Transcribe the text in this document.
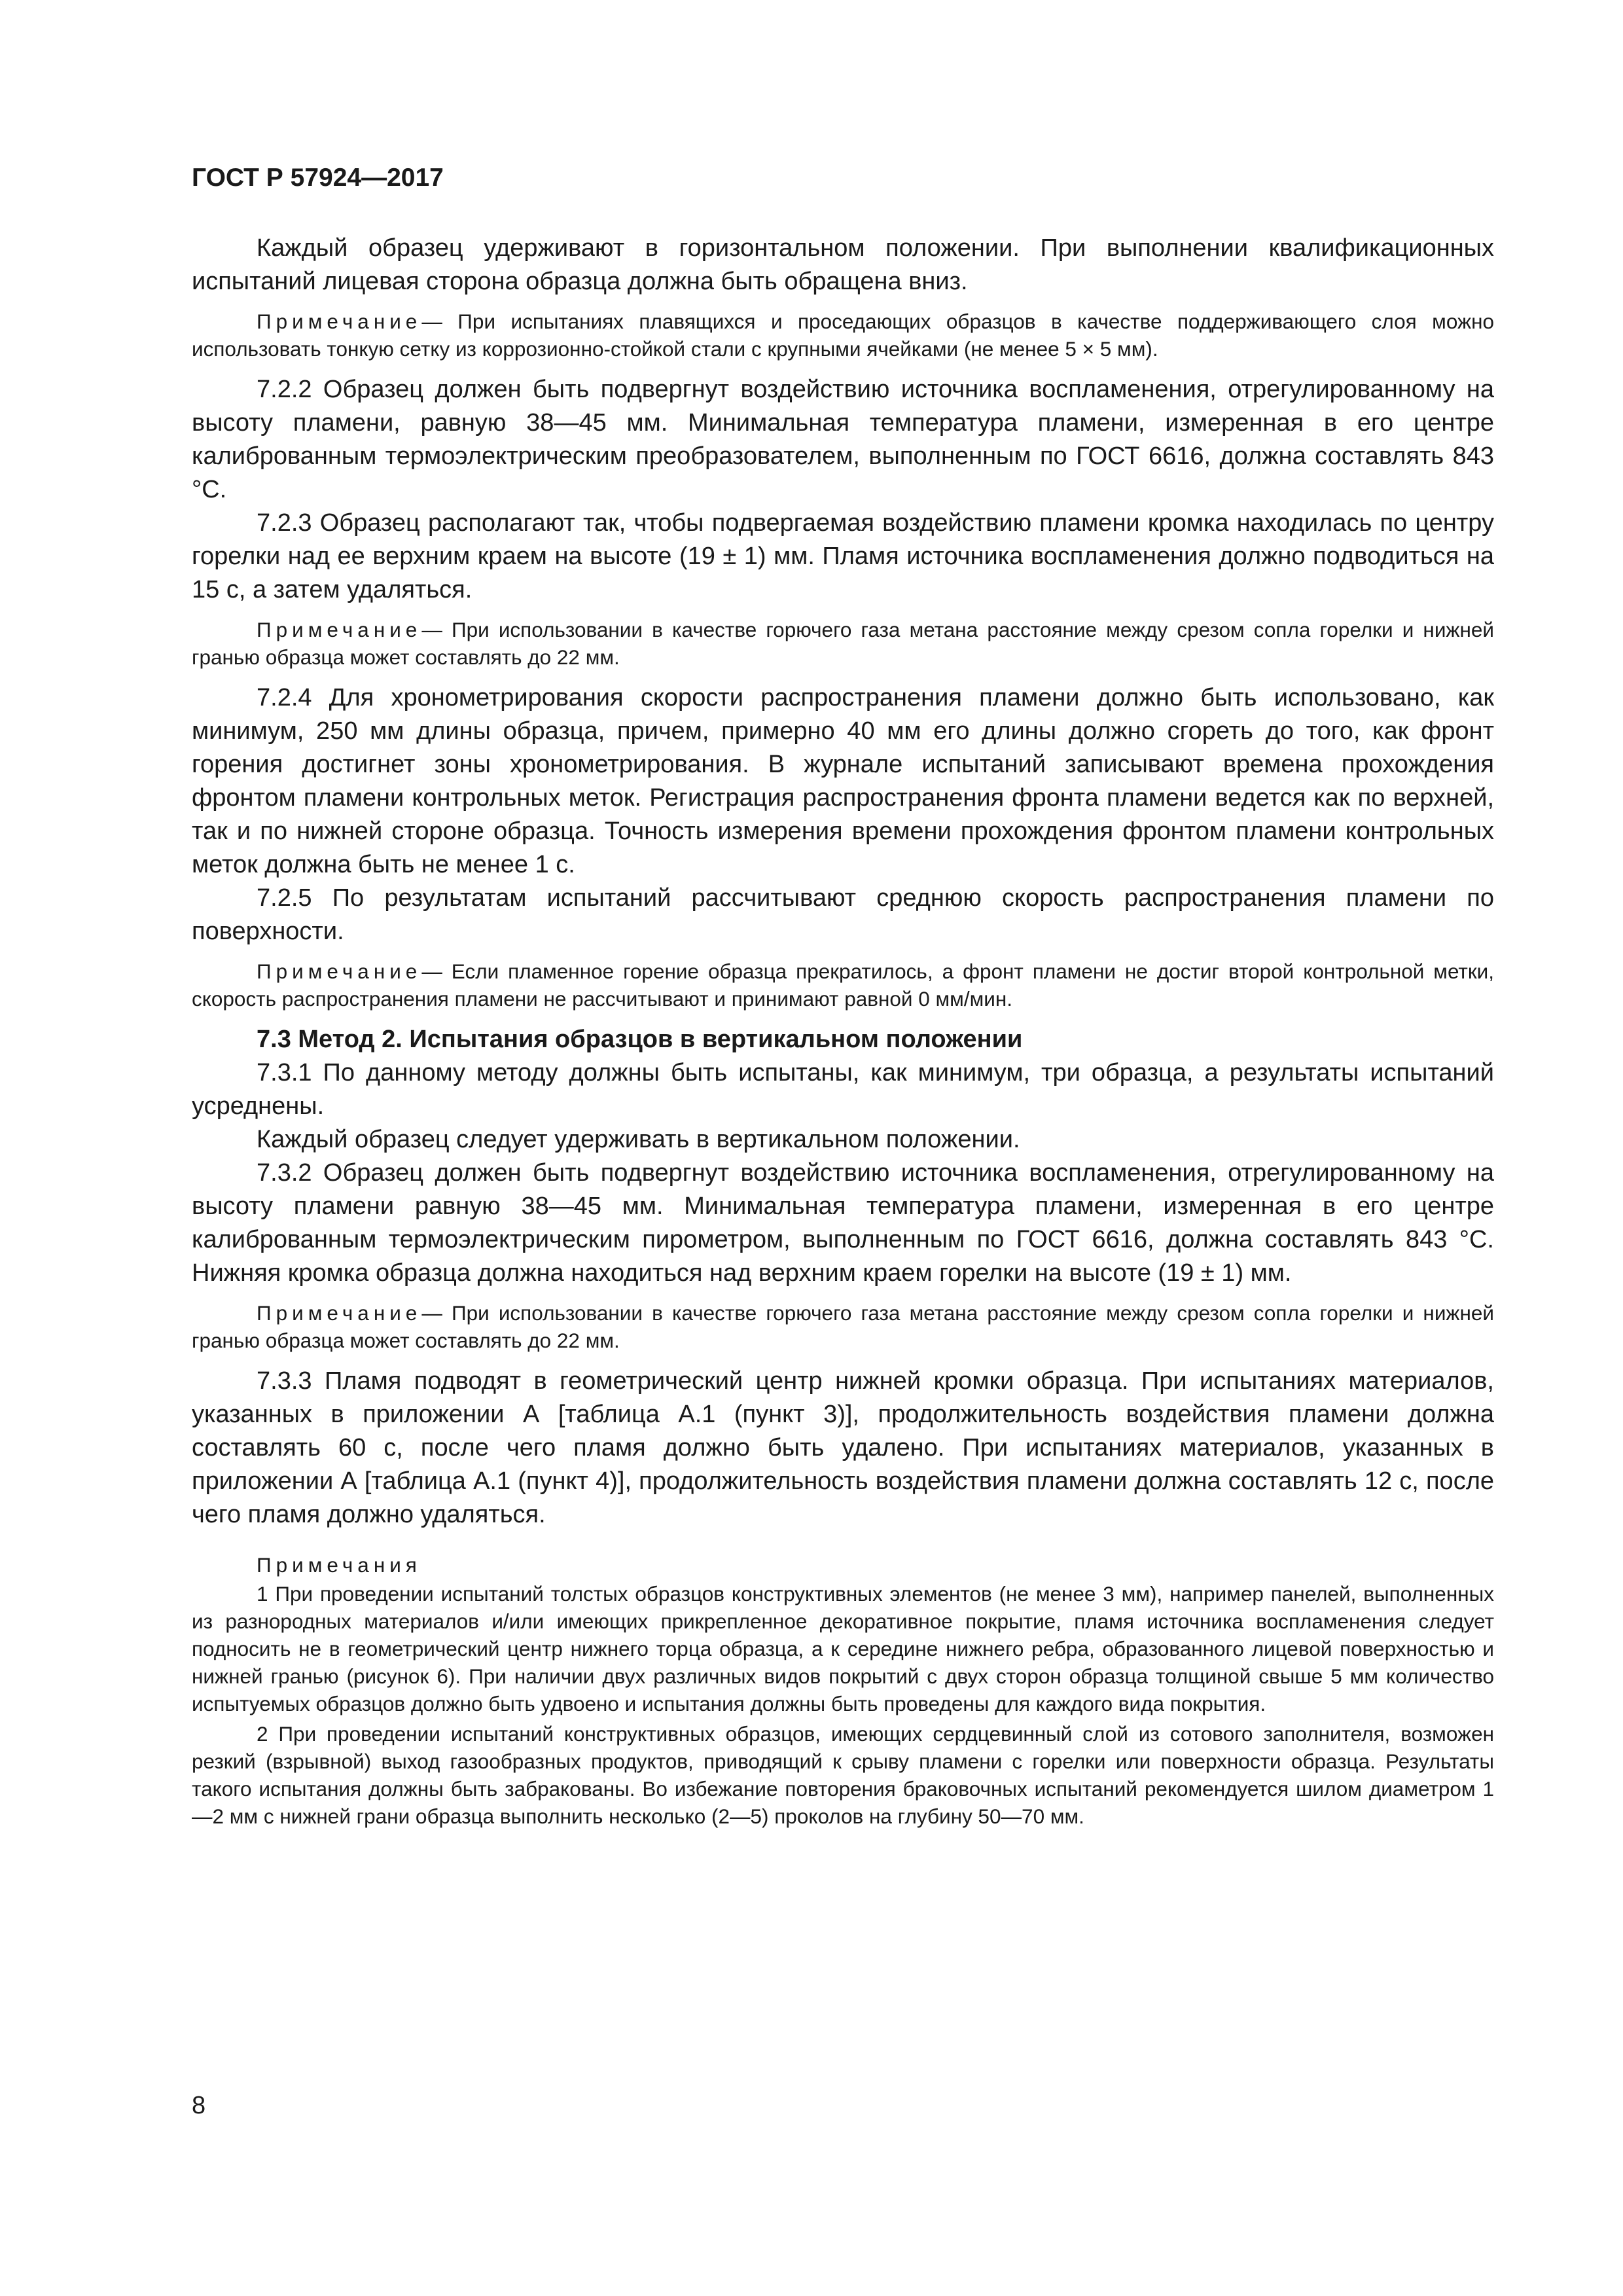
ГОСТ Р 57924—2017

Каждый образец удерживают в горизонтальном положении. При выполнении квалификационных испытаний лицевая сторона образца должна быть обращена вниз.

Примечание— При испытаниях плавящихся и проседающих образцов в качестве поддерживающего слоя можно использовать тонкую сетку из коррозионно-стойкой стали с крупными ячейками (не менее 5 × 5 мм).

7.2.2 Образец должен быть подвергнут воздействию источника воспламенения, отрегулированному на высоту пламени, равную 38—45 мм. Минимальная температура пламени, измеренная в его центре калиброванным термоэлектрическим преобразователем, выполненным по ГОСТ 6616, должна составлять 843 °С.

7.2.3 Образец располагают так, чтобы подвергаемая воздействию пламени кромка находилась по центру горелки над ее верхним краем на высоте (19 ± 1) мм. Пламя источника воспламенения должно подводиться на 15 с, а затем удаляться.

Примечание— При использовании в качестве горючего газа метана расстояние между срезом сопла горелки и нижней гранью образца может составлять до 22 мм.

7.2.4 Для хронометрирования скорости распространения пламени должно быть использовано, как минимум, 250 мм длины образца, причем, примерно 40 мм его длины должно сгореть до того, как фронт горения достигнет зоны хронометрирования. В журнале испытаний записывают времена прохождения фронтом пламени контрольных меток. Регистрация распространения фронта пламени ведется как по верхней, так и по нижней стороне образца. Точность измерения времени прохождения фронтом пламени контрольных меток должна быть не менее 1 с.

7.2.5 По результатам испытаний рассчитывают среднюю скорость распространения пламени по поверхности.

Примечание— Если пламенное горение образца прекратилось, а фронт пламени не достиг второй контрольной метки, скорость распространения пламени не рассчитывают и принимают равной 0 мм/мин.

7.3 Метод 2. Испытания образцов в вертикальном положении

7.3.1 По данному методу должны быть испытаны, как минимум, три образца, а результаты испытаний усреднены.

Каждый образец следует удерживать в вертикальном положении.

7.3.2 Образец должен быть подвергнут воздействию источника воспламенения, отрегулированному на высоту пламени равную 38—45 мм. Минимальная температура пламени, измеренная в его центре калиброванным термоэлектрическим пирометром, выполненным по ГОСТ 6616, должна составлять 843 °С. Нижняя кромка образца должна находиться над верхним краем горелки на высоте (19 ± 1) мм.

Примечание— При использовании в качестве горючего газа метана расстояние между срезом сопла горелки и нижней гранью образца может составлять до 22 мм.

7.3.3 Пламя подводят в геометрический центр нижней кромки образца. При испытаниях материалов, указанных в приложении А [таблица А.1 (пункт 3)], продолжительность воздействия пламени должна составлять 60 с, после чего пламя должно быть удалено. При испытаниях материалов, указанных в приложении А [таблица А.1 (пункт 4)], продолжительность воздействия пламени должна составлять 12 с, после чего пламя должно удаляться.

Примечания

1 При проведении испытаний толстых образцов конструктивных элементов (не менее 3 мм), например панелей, выполненных из разнородных материалов и/или имеющих прикрепленное декоративное покрытие, пламя источника воспламенения следует подносить не в геометрический центр нижнего торца образца, а к середине нижнего ребра, образованного лицевой поверхностью и нижней гранью (рисунок 6). При наличии двух различных видов покрытий с двух сторон образца толщиной свыше 5 мм количество испытуемых образцов должно быть удвоено и испытания должны быть проведены для каждого вида покрытия.

2 При проведении испытаний конструктивных образцов, имеющих сердцевинный слой из сотового заполнителя, возможен резкий (взрывной) выход газообразных продуктов, приводящий к срыву пламени с горелки или поверхности образца. Результаты такого испытания должны быть забракованы. Во избежание повторения браковочных испытаний рекомендуется шилом диаметром 1—2 мм с нижней грани образца выполнить несколько (2—5) проколов на глубину 50—70 мм.

8
